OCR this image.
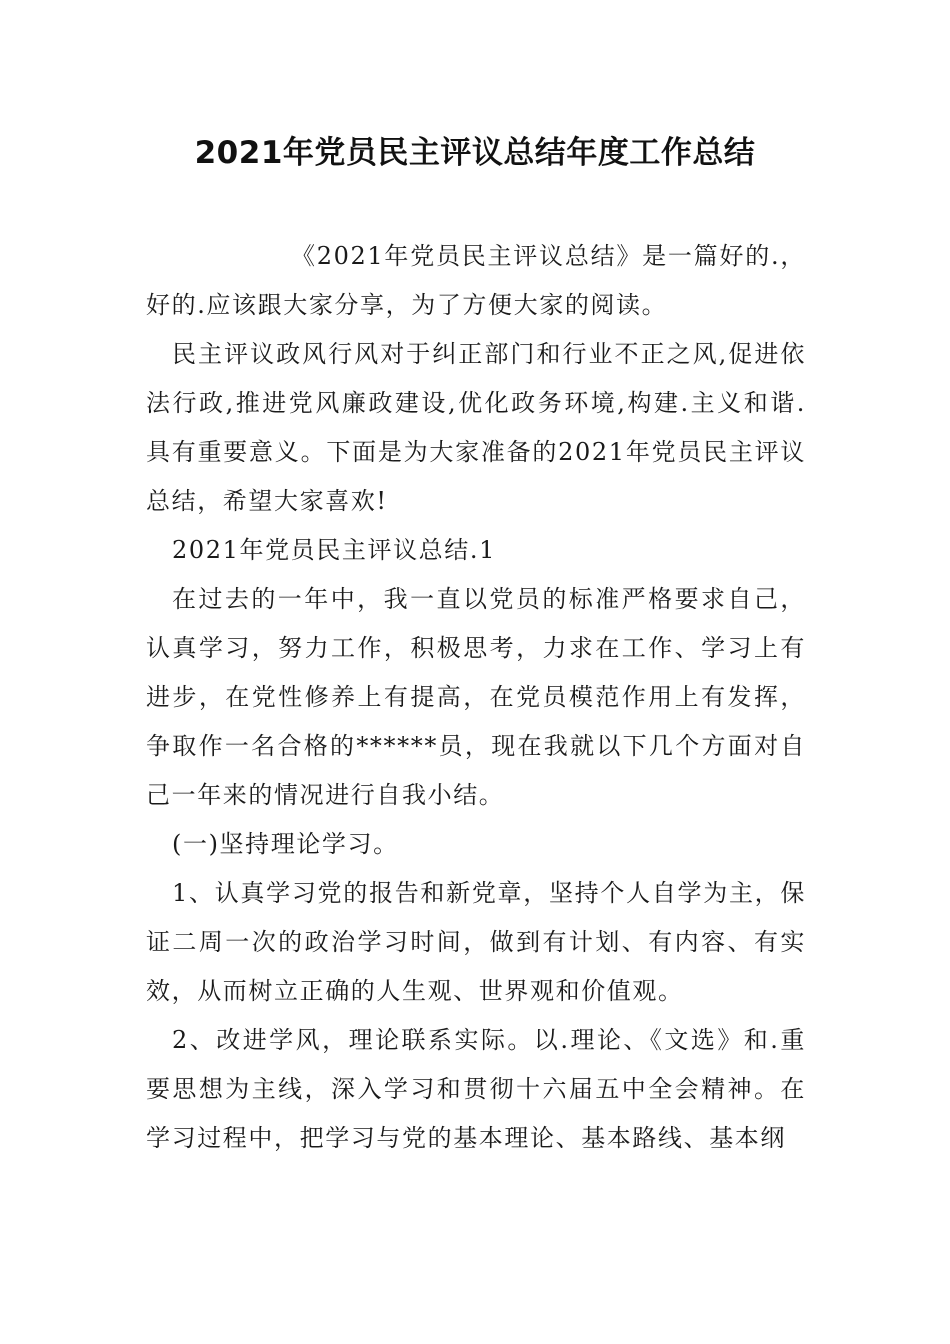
2021年党员民主评议总结年度工作总结

《2021年党员民主评议总结》是一篇好的.，好的.应该跟大家分享，为了方便大家的阅读。

民主评议政风行风对于纠正部门和行业不正之风,促进依法行政,推进党风廉政建设,优化政务环境,构建.主义和谐.具有重要意义。下面是为大家准备的2021年党员民主评议总结，希望大家喜欢!

2021年党员民主评议总结.1

在过去的一年中，我一直以党员的标准严格要求自己，认真学习，努力工作，积极思考，力求在工作、学习上有进步，在党性修养上有提高，在党员模范作用上有发挥，争取作一名合格的******员，现在我就以下几个方面对自己一年来的情况进行自我小结。

(一)坚持理论学习。

1、认真学习党的报告和新党章，坚持个人自学为主，保证二周一次的政治学习时间，做到有计划、有内容、有实效，从而树立正确的人生观、世界观和价值观。

2、改进学风，理论联系实际。以.理论、《文选》和.重要思想为主线，深入学习和贯彻十六届五中全会精神。在学习过程中，把学习与党的基本理论、基本路线、基本纲
